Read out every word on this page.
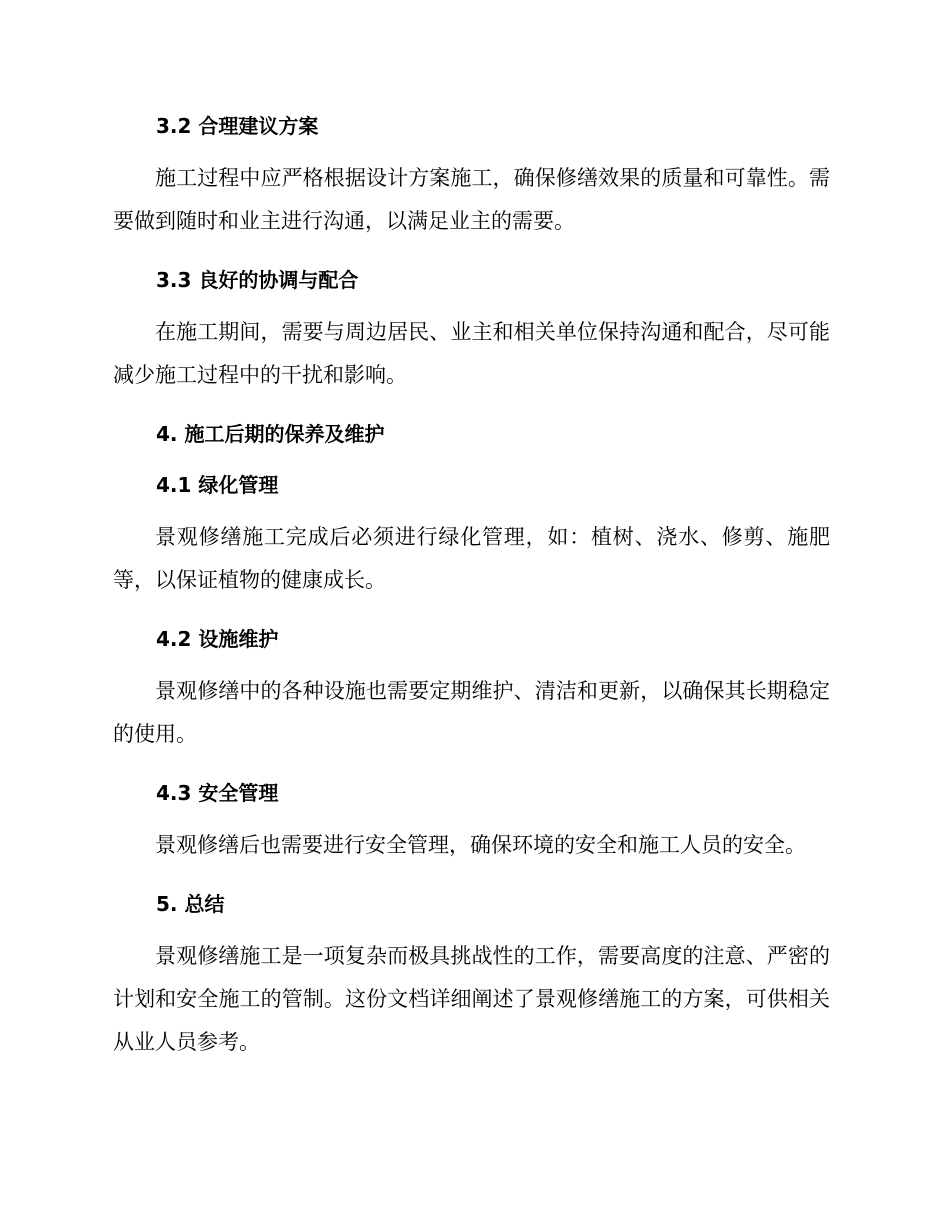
3.2 合理建议方案

施工过程中应严格根据设计方案施工，确保修缮效果的质量和可靠性。需要做到随时和业主进行沟通，以满足业主的需要。

3.3 良好的协调与配合

在施工期间，需要与周边居民、业主和相关单位保持沟通和配合，尽可能减少施工过程中的干扰和影响。

4. 施工后期的保养及维护
4.1 绿化管理

景观修缮施工完成后必须进行绿化管理，如：植树、浇水、修剪、施肥等，以保证植物的健康成长。

4.2 设施维护

景观修缮中的各种设施也需要定期维护、清洁和更新，以确保其长期稳定的使用。

4.3 安全管理

景观修缮后也需要进行安全管理，确保环境的安全和施工人员的安全。

5. 总结

景观修缮施工是一项复杂而极具挑战性的工作，需要高度的注意、严密的计划和安全施工的管制。这份文档详细阐述了景观修缮施工的方案，可供相关从业人员参考。
